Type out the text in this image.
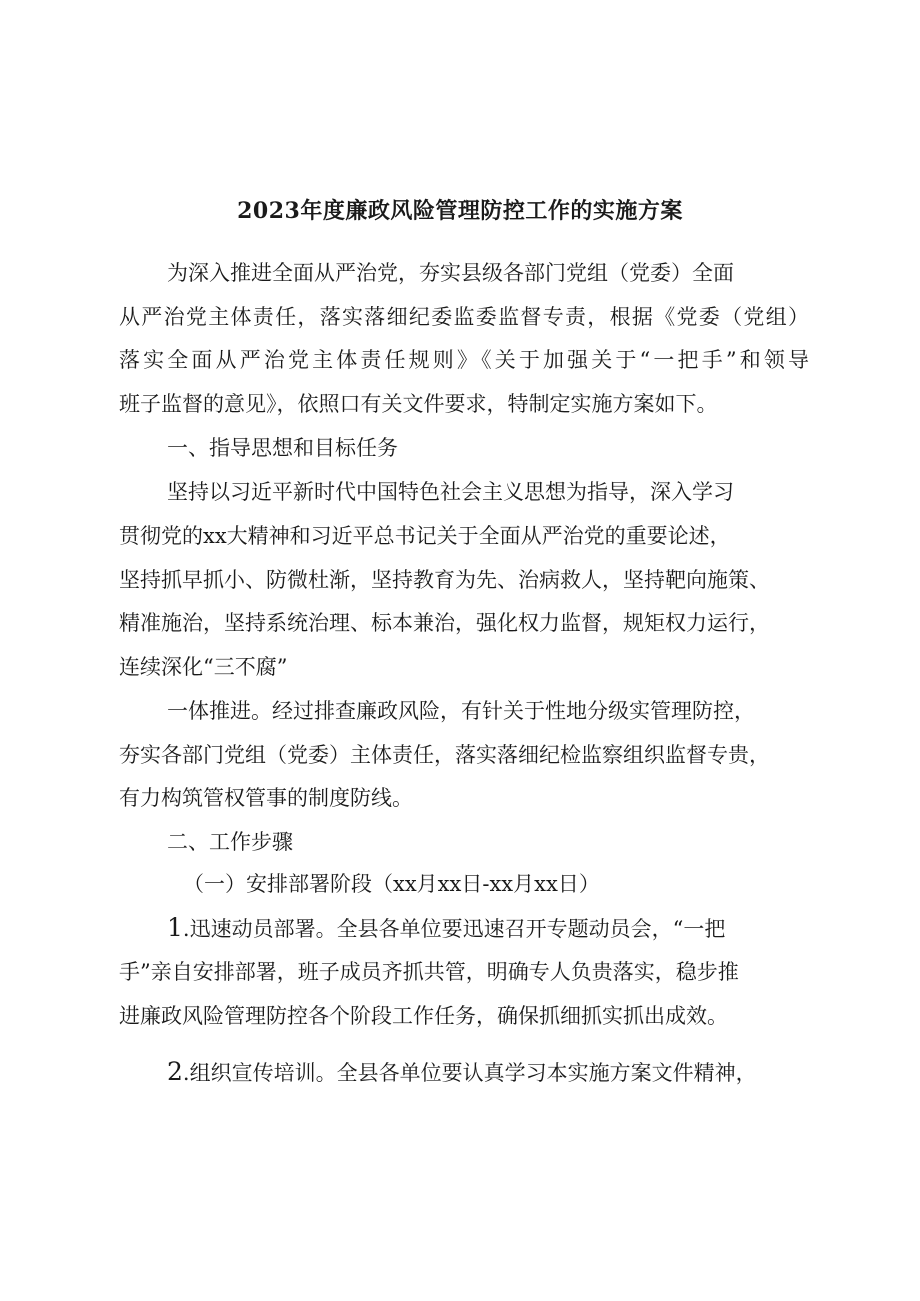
2023年度廉政风险管理防控工作的实施方案
为深入推进全面从严治党，夯实县级各部门党组（党委）全面
从严治党主体责任，落实落细纪委监委监督专责，根据《党委（党组）
落实全面从严治党主体责任规则》《关于加强关于“一把手”和领导
班子监督的意见》，依照口有关文件要求，特制定实施方案如下。
一、指导思想和目标任务
坚持以习近平新时代中国特色社会主义思想为指导，深入学习
贯彻党的xx大精神和习近平总书记关于全面从严治党的重要论述，
坚持抓早抓小、防微杜渐，坚持教育为先、治病救人，坚持靶向施策、
精准施治，坚持系统治理、标本兼治，强化权力监督，规矩权力运行，
连续深化“三不腐”
一体推进。经过排查廉政风险，有针关于性地分级实管理防控，
夯实各部门党组（党委）主体责任，落实落细纪检监察组织监督专贵，
有力构筑管权管事的制度防线。
二、工作步骤
（一）安排部署阶段（xx月xx日-xx月xx日）
1.迅速动员部署。全县各单位要迅速召开专题动员会，“一把
手”亲自安排部署，班子成员齐抓共管，明确专人负贵落实，稳步推
进廉政风险管理防控各个阶段工作任务，确保抓细抓实抓出成效。
2.组织宣传培训。全县各单位要认真学习本实施方案文件精神，
